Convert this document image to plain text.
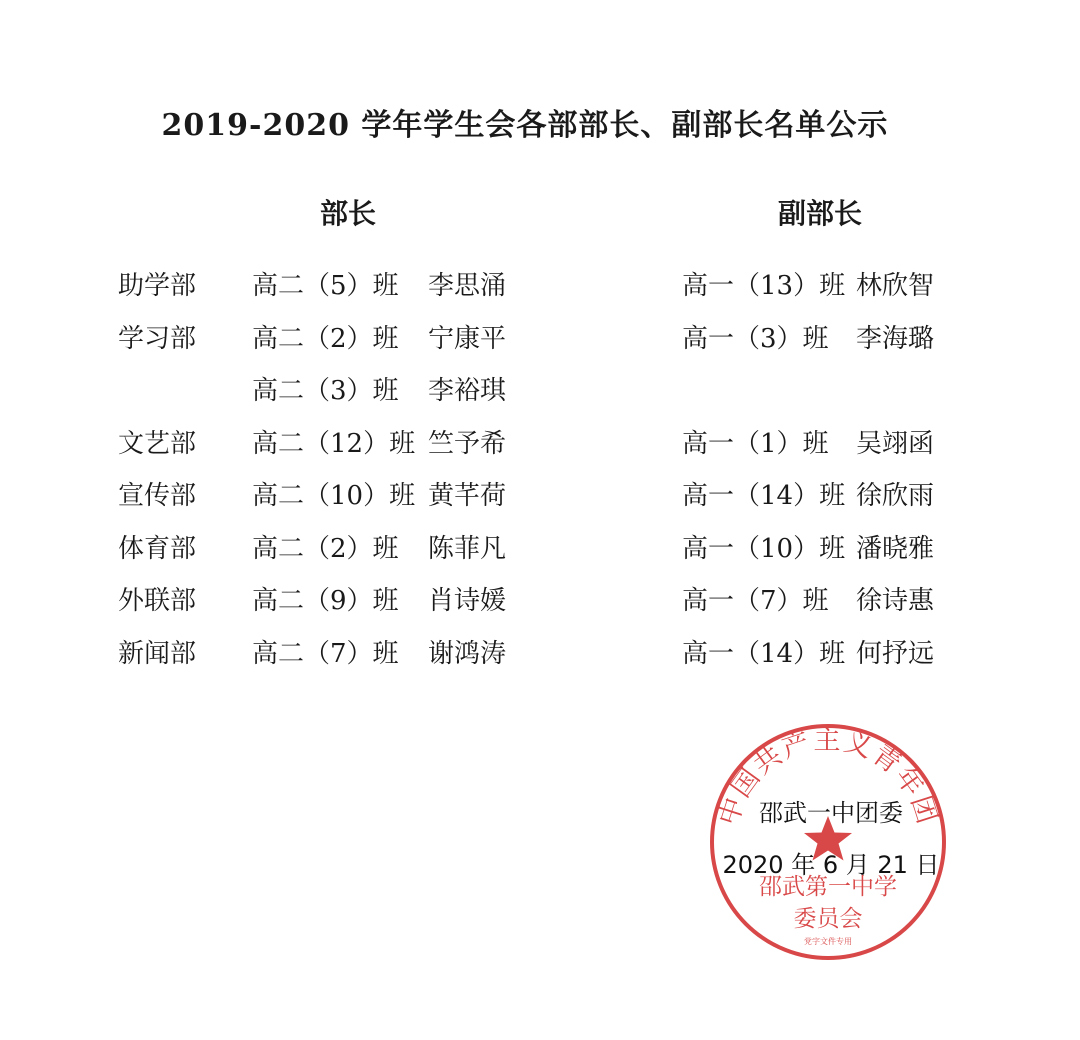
2019-2020 学年学生会各部部长、副部长名单公示
部长	副部长
助学部 高二（5）班 李思涌	高一（13）班 林欣智
学习部 高二（2）班 宁康平	高一（3）班 李海璐
高二（3）班 李裕琪
文艺部 高二（12）班 竺予希	高一（1）班 吴翊函
宣传部 高二（10）班 黄芊荷	高一（14）班 徐欣雨
体育部 高二（2）班 陈菲凡	高一（10）班 潘晓雅
外联部 高二（9）班 肖诗媛	高一（7）班 徐诗惠
新闻部 高二（7）班 谢鸿涛	高一（14）班 何抒远
中国共产主义青年团
邵武一中团委
2020 年 6 月 21 日
邵武第一中学
委员会
党字文件专用
